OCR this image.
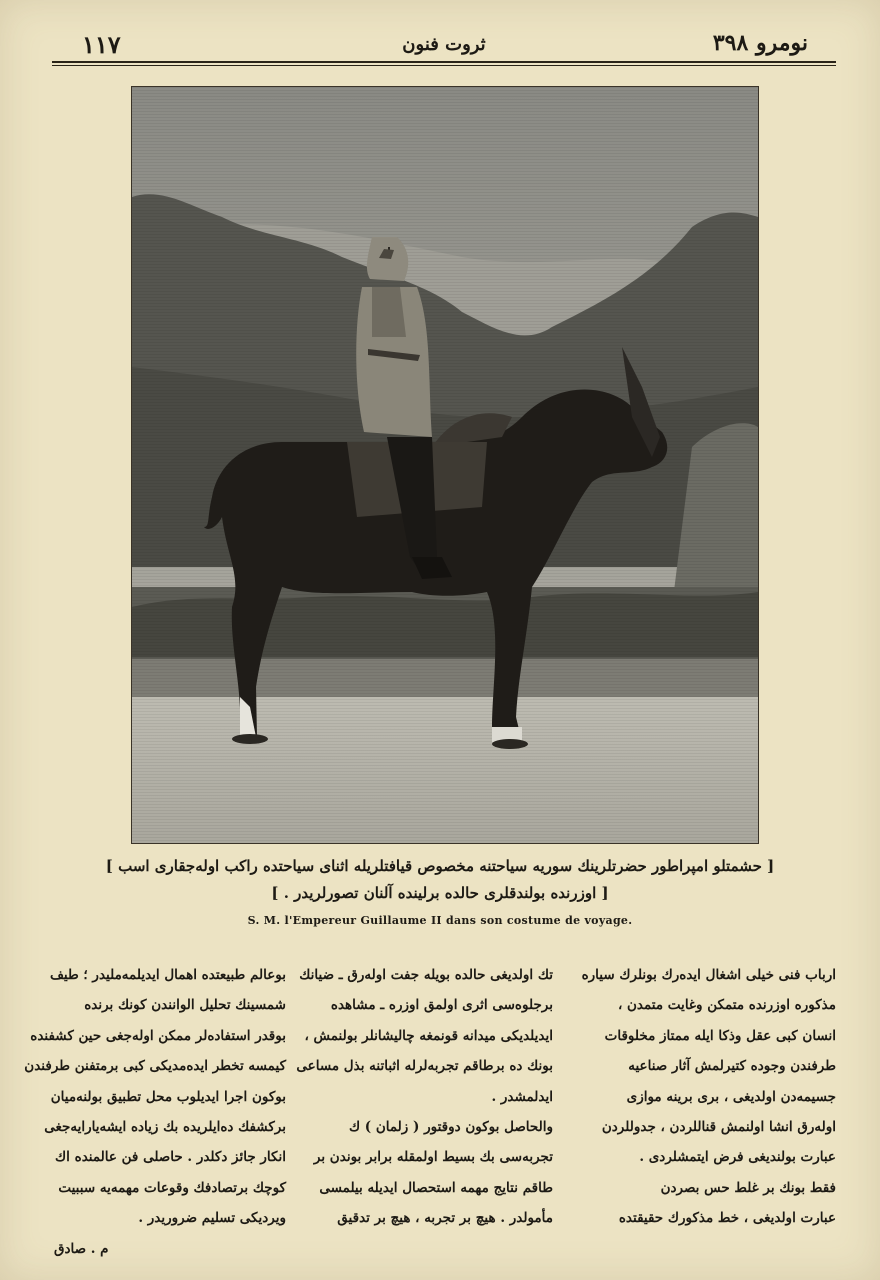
١١٧	ثروت فنون	نومرو ٣٩٨
[ حشمتلو امپراطور حضرتلرینك سوریه سیاحتنه مخصوص قیافتلریله اثنای سیاحتده راکب اوله‌جقاری اسب ]
[ اوزرنده بولندقلری حالده برلینده آلنان تصورلریدر . ]
S. M. l'Empereur Guillaume II dans son costume de voyage.

ارباب فنی خیلی اشغال ایده‌رك بونلرك سیاره‌
مذکوره اوزرنده متمکن وغایت متمدن ،
انسان کبی عقل وذکا ایله ممتاز مخلوقات
طرفندن وجوده کتیرلمش آثار صناعیه‌
جسیمه‌دن اولدیغی ، بری برینه موازی
اوله‌رق انشا اولنمش قناللردن ، جدوللردن
عبارت بولندیغی فرض ایتمشلردی .
فقط بونك بر غلط حس بصردن
عبارت اولدیغی ، خط مذکورك حقیقتده

تك اولدیغی حالده بویله جفت اوله‌رق ـ ضیانك
برجلوه‌سی اثری اولمق اوزره ـ مشاهده
ایدیلدیکی میدانه قونمغه چالیشانلر بولنمش ،
بونك ده برطاقم تجربه‌لرله اثباتنه بذل مساعی
ایدلمشدر .
والحاصل بوکون دوقتور ( زلمان ) ك
تجربه‌سی بك بسیط اولمقله برابر بوندن بر
طاقم نتایج مهمه استحصال ایدیله بیلمسی
مأمولدر . هیچ بر تجربه ، هیچ بر تدقیق

بوعالم طبیعتده اهمال ایدیلمه‌ملیدر ؛ طیف
شمسینك تحلیل الوانندن کونك برنده
بوقدر استفاده‌لر ممکن اوله‌جغی حین کشفنده
کیمسه تخطر ایده‌مدیکی کبی برمتفنن طرفندن
بوکون اجرا ایدیلوب محل تطبیق بولنه‌میان
برکشفك ده‌ایلریده بك زیاده ایشه‌یارایه‌جغی
انکار جائز دکلدر . حاصلی فن عالمنده اك
کوچك برتصادفك وقوعات مهمه‌یه سببیت
ویردیکی تسلیم ضروریدر .
م . صادق
